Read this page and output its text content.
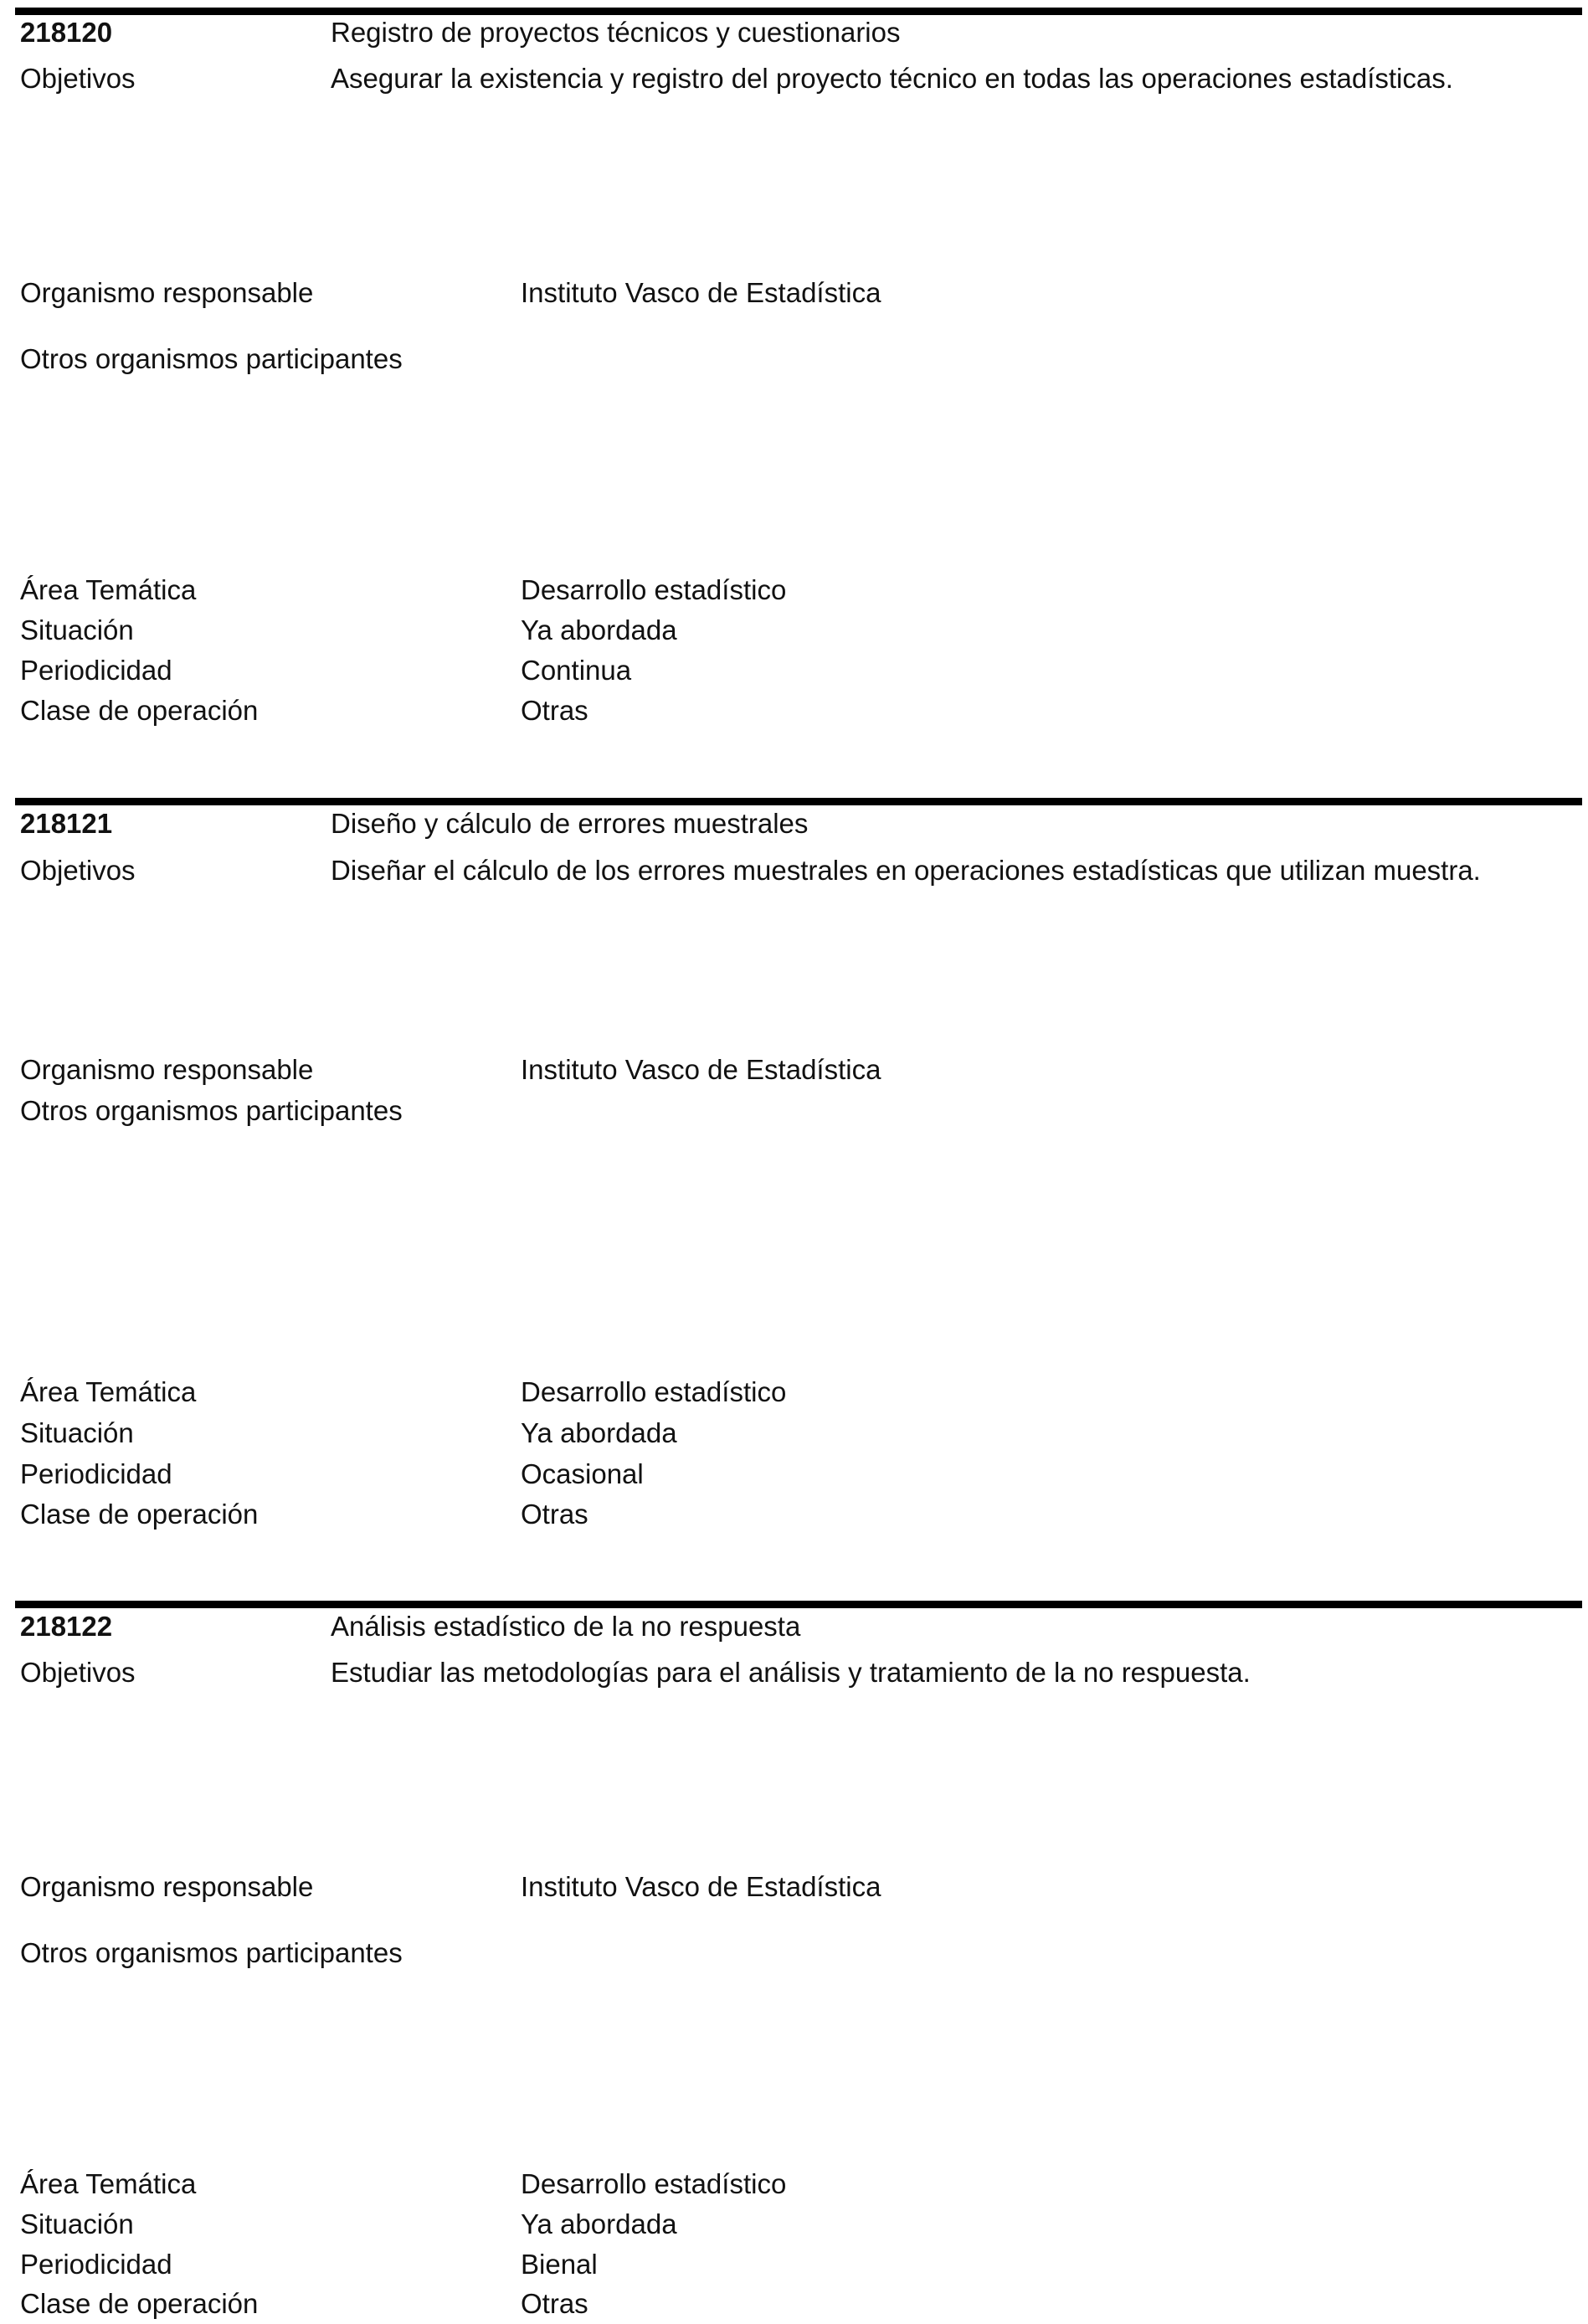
218120	Registro de proyectos técnicos y cuestionarios
Objetivos	Asegurar la existencia y registro del proyecto técnico en todas las operaciones estadísticas.
Organismo responsable	Instituto Vasco de Estadística
Otros organismos participantes
Área Temática	Desarrollo estadístico
Situación	Ya abordada
Periodicidad	Continua
Clase de operación	Otras
218121	Diseño y cálculo de errores muestrales
Objetivos	Diseñar el cálculo de los errores muestrales en operaciones estadísticas que utilizan muestra.
Organismo responsable	Instituto Vasco de Estadística
Otros organismos participantes
Área Temática	Desarrollo estadístico
Situación	Ya abordada
Periodicidad	Ocasional
Clase de operación	Otras
218122	Análisis estadístico de la no respuesta
Objetivos	Estudiar las metodologías para el análisis y tratamiento de la no respuesta.
Organismo responsable	Instituto Vasco de Estadística
Otros organismos participantes
Área Temática	Desarrollo estadístico
Situación	Ya abordada
Periodicidad	Bienal
Clase de operación	Otras
